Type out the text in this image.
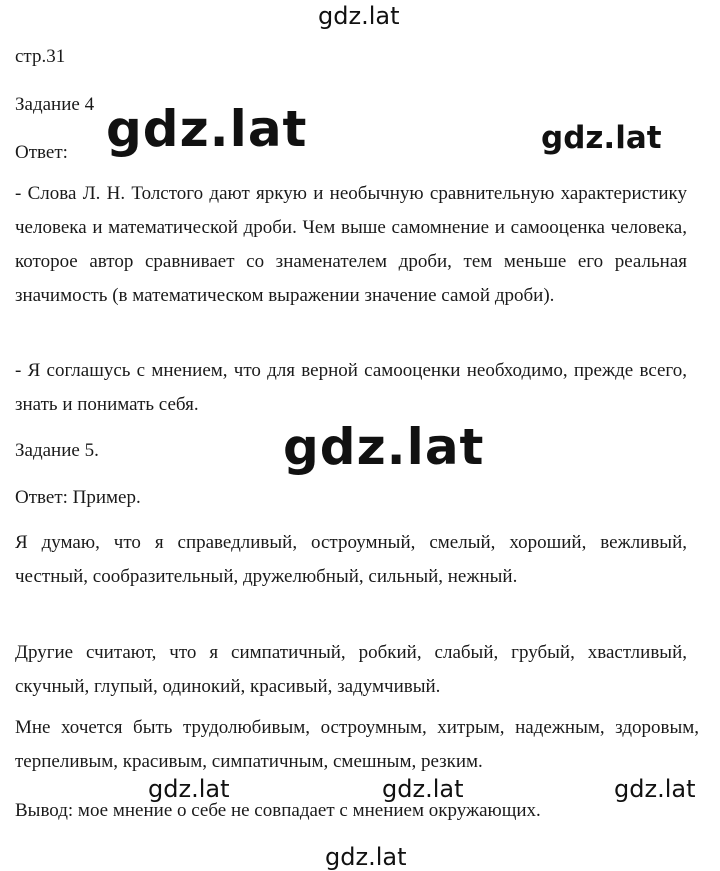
gdz.lat
стр.31
Задание 4
Ответ: gdz.lat	gdz.lat
- Слова Л. Н. Толстого дают яркую и необычную сравнительную характеристику человека и математической дроби. Чем выше самомнение и самооценка человека, которое автор сравнивает со знаменателем дроби, тем меньше его реальная значимость (в математическом выражении значение самой дроби).
- Я соглашусь с мнением, что для верной самооценки необходимо, прежде всего, знать и понимать себя.
Задание 5.	gdz.lat
Ответ: Пример.
Я думаю, что я справедливый, остроумный, смелый, хороший, вежливый, честный, сообразительный, дружелюбный, сильный, нежный.
Другие считают, что я симпатичный, робкий, слабый, грубый, хвастливый, скучный, глупый, одинокий, красивый, задумчивый.
Мне хочется быть трудолюбивым, остроумным, хитрым, надежным, здоровым, терпеливым, красивым, симпатичным, смешным, резким.
gdz.lat	gdz.lat	gdz.lat
Вывод: мое мнение о себе не совпадает с мнением окружающих.
gdz.lat
